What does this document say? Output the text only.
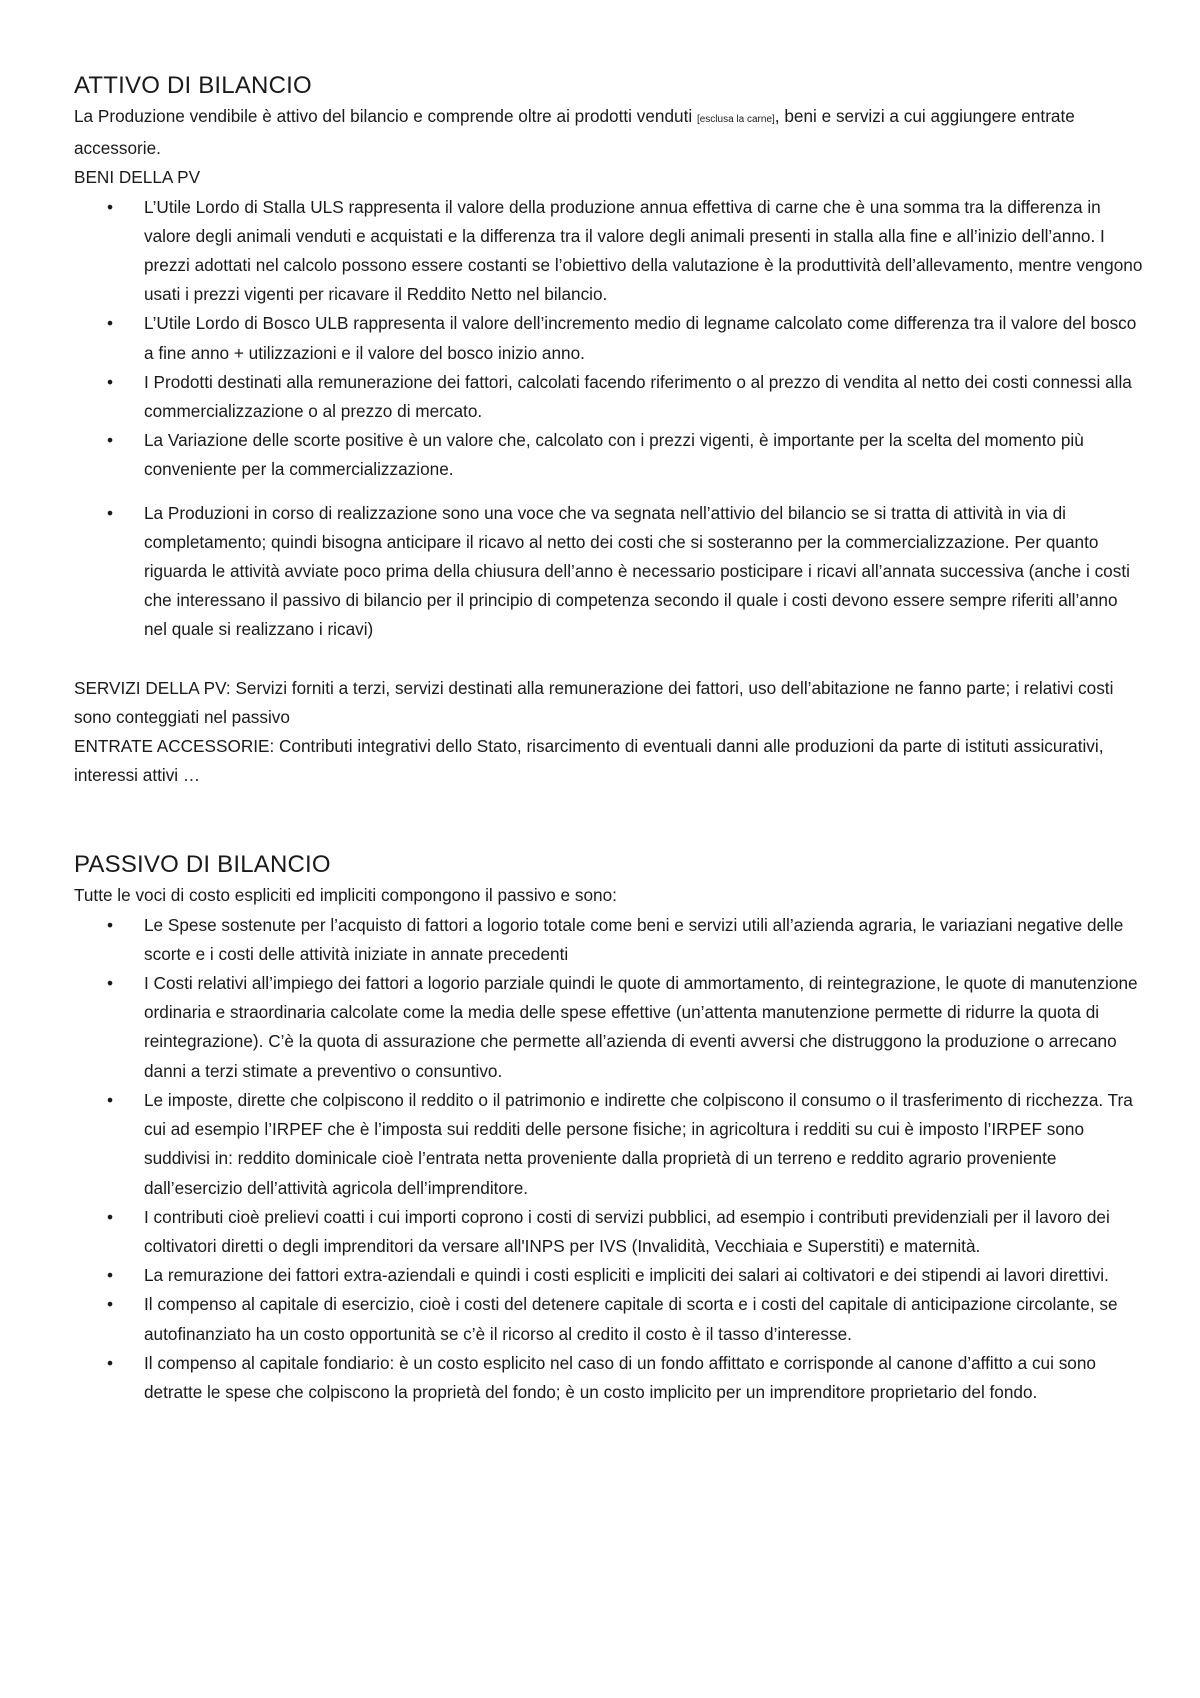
ATTIVO DI BILANCIO

La Produzione vendibile è attivo del bilancio e comprende oltre ai prodotti venduti [esclusa la carne], beni e servizi a cui aggiungere entrate accessorie.

BENI DELLA PV

• L’Utile Lordo di Stalla ULS rappresenta il valore della produzione annua effettiva di carne che è una somma tra la differenza in valore degli animali venduti e acquistati e la differenza tra il valore degli animali presenti in stalla alla fine e all’inizio dell’anno. I prezzi adottati nel calcolo possono essere costanti se l’obiettivo della valutazione è la produttività dell’allevamento, mentre vengono usati i prezzi vigenti per ricavare il Reddito Netto nel bilancio.
• L’Utile Lordo di Bosco ULB rappresenta il valore dell’incremento medio di legname calcolato come differenza tra il valore del bosco a fine anno + utilizzazioni e il valore del bosco inizio anno.
• I Prodotti destinati alla remunerazione dei fattori, calcolati facendo riferimento o al prezzo di vendita al netto dei costi connessi alla commercializzazione o al prezzo di mercato.
• La Variazione delle scorte positive è un valore che, calcolato con i prezzi vigenti, è importante per la scelta del momento più conveniente per la commercializzazione.
• La Produzioni in corso di realizzazione sono una voce che va segnata nell’attivio del bilancio se si tratta di attività in via di completamento; quindi bisogna anticipare il ricavo al netto dei costi che si sosteranno per la commercializzazione. Per quanto riguarda le attività avviate poco prima della chiusura dell’anno è necessario posticipare i ricavi all’annata successiva (anche i costi che interessano il passivo di bilancio per il principio di competenza secondo il quale i costi devono essere sempre riferiti all’anno nel quale si realizzano i ricavi)

SERVIZI DELLA PV: Servizi forniti a terzi, servizi destinati alla remunerazione dei fattori, uso dell’abitazione ne fanno parte; i relativi costi sono conteggiati nel passivo

ENTRATE ACCESSORIE: Contributi integrativi dello Stato, risarcimento di eventuali danni alle produzioni da parte di istituti assicurativi, interessi attivi …

PASSIVO DI BILANCIO

Tutte le voci di costo espliciti ed impliciti compongono il passivo e sono:

• Le Spese sostenute per l’acquisto di fattori a logorio totale come beni e servizi utili all’azienda agraria, le variaziani negative delle scorte e i costi delle attività iniziate in annate precedenti
• I Costi relativi all’impiego dei fattori a logorio parziale quindi le quote di ammortamento, di reintegrazione, le quote di manutenzione ordinaria e straordinaria calcolate come la media delle spese effettive (un’attenta manutenzione permette di ridurre la quota di reintegrazione). C’è la quota di assurazione che permette all’azienda di eventi avversi che distruggono la produzione o arrecano danni a terzi stimate a preventivo o consuntivo.
• Le imposte, dirette che colpiscono il reddito o il patrimonio e indirette che colpiscono il consumo o il trasferimento di ricchezza. Tra cui ad esempio l’IRPEF che è l’imposta sui redditi delle persone fisiche; in agricoltura i redditi su cui è imposto l’IRPEF sono suddivisi in: reddito dominicale cioè l’entrata netta proveniente dalla proprietà di un terreno e reddito agrario proveniente dall’esercizio dell’attività agricola dell’imprenditore.
• I contributi cioè prelievi coatti i cui importi coprono i costi di servizi pubblici, ad esempio i contributi previdenziali per il lavoro dei coltivatori diretti o degli imprenditori da versare all'INPS per IVS (Invalidità, Vecchiaia e Superstiti) e maternità.
• La remurazione dei fattori extra-aziendali e quindi i costi espliciti e impliciti dei salari ai coltivatori e dei stipendi ai lavori direttivi.
• Il compenso al capitale di esercizio, cioè i costi del detenere capitale di scorta e i costi del capitale di anticipazione circolante, se autofinanziato ha un costo opportunità se c’è il ricorso al credito il costo è il tasso d’interesse.
• Il compenso al capitale fondiario: è un costo esplicito nel caso di un fondo affittato e corrisponde al canone d’affitto a cui sono detratte le spese che colpiscono la proprietà del fondo; è un costo implicito per un imprenditore proprietario del fondo.
